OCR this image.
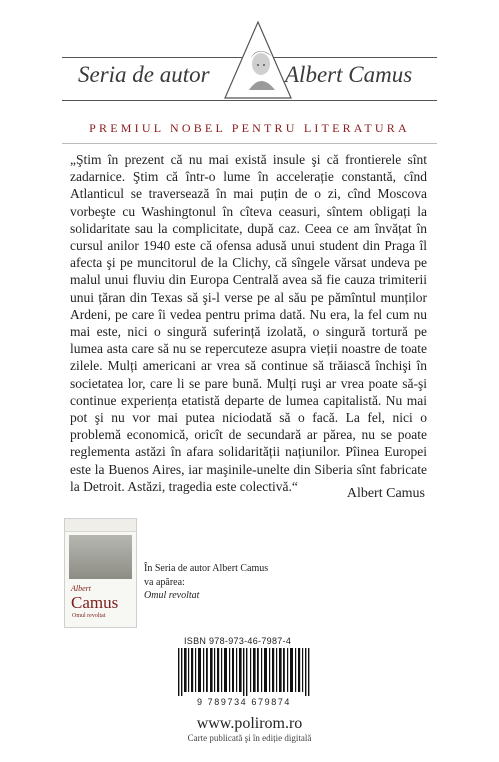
Seria de autor	Albert Camus
PREMIUL NOBEL PENTRU LITERATURA

„Ştim în prezent că nu mai există insule şi că frontierele sînt zadarnice. Ştim că într-o lume în accelerație constantă, cînd Atlanticul se traversează în mai puțin de o zi, cînd Moscova vorbeşte cu Washingtonul în cîteva ceasuri, sîntem obligați la solidaritate sau la complicitate, după caz. Ceea ce am învățat în cursul anilor 1940 este că ofensa adusă unui student din Praga îl afecta şi pe muncitorul de la Clichy, că sîngele vărsat undeva pe malul unui fluviu din Europa Centrală avea să fie cauza trimiterii unui țăran din Texas să şi-l verse pe al său pe pămîntul munților Ardeni, pe care îi vedea pentru prima dată. Nu era, la fel cum nu mai este, nici o singură suferință izolată, o singură tortură pe lumea asta care să nu se repercuteze asupra vieții noastre de toate zilele. Mulți americani ar vrea să continue să trăiască închişi în societatea lor, care li se pare bună. Mulți ruşi ar vrea poate să-şi continue experiența etatistă departe de lumea capitalistă. Nu mai pot şi nu vor mai putea niciodată să o facă. La fel, nici o problemă economică, oricît de secundară ar părea, nu se poate reglementa astăzi în afara solidarității națiunilor. Pîinea Europei este la Buenos Aires, iar maşinile-unelte din Siberia sînt fabricate la Detroit. Astăzi, tragedia este colectivă.“	Albert Camus
Albert
Camus
Omul revoltat
În Seria de autor Albert Camus
va apărea:
Omul revoltat
ISBN 978-973-46-7987-4
9 789734 679874
www.polirom.ro
Carte publicată şi în ediție digitală
